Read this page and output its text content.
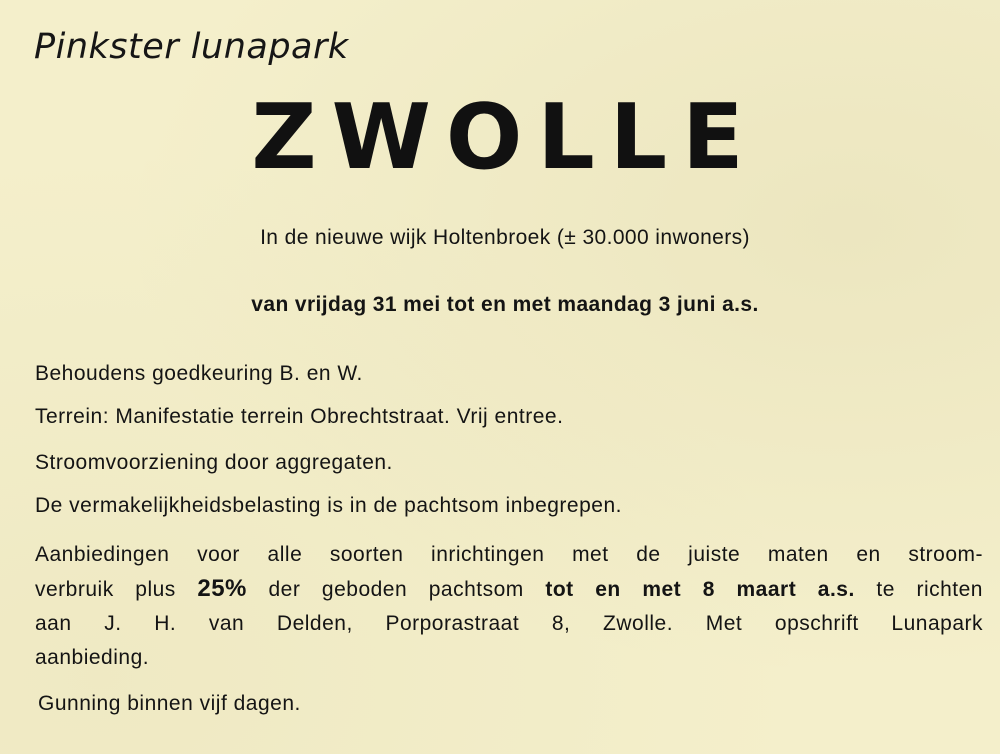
Pinkster lunapark
ZWOLLE
In de nieuwe wijk Holtenbroek (± 30.000 inwoners)
van vrijdag 31 mei tot en met maandag 3 juni a.s.
Behoudens goedkeuring B. en W.
Terrein: Manifestatie terrein Obrechtstraat. Vrij entree.
Stroomvoorziening door aggregaten.
De vermakelijkheidsbelasting is in de pachtsom inbegrepen.
Aanbiedingen voor alle soorten inrichtingen met de juiste maten en stroom-
verbruik plus 25% der geboden pachtsom tot en met 8 maart a.s. te richten
aan J. H. van Delden, Porporastraat 8, Zwolle. Met opschrift Lunapark
aanbieding.
Gunning binnen vijf dagen.
